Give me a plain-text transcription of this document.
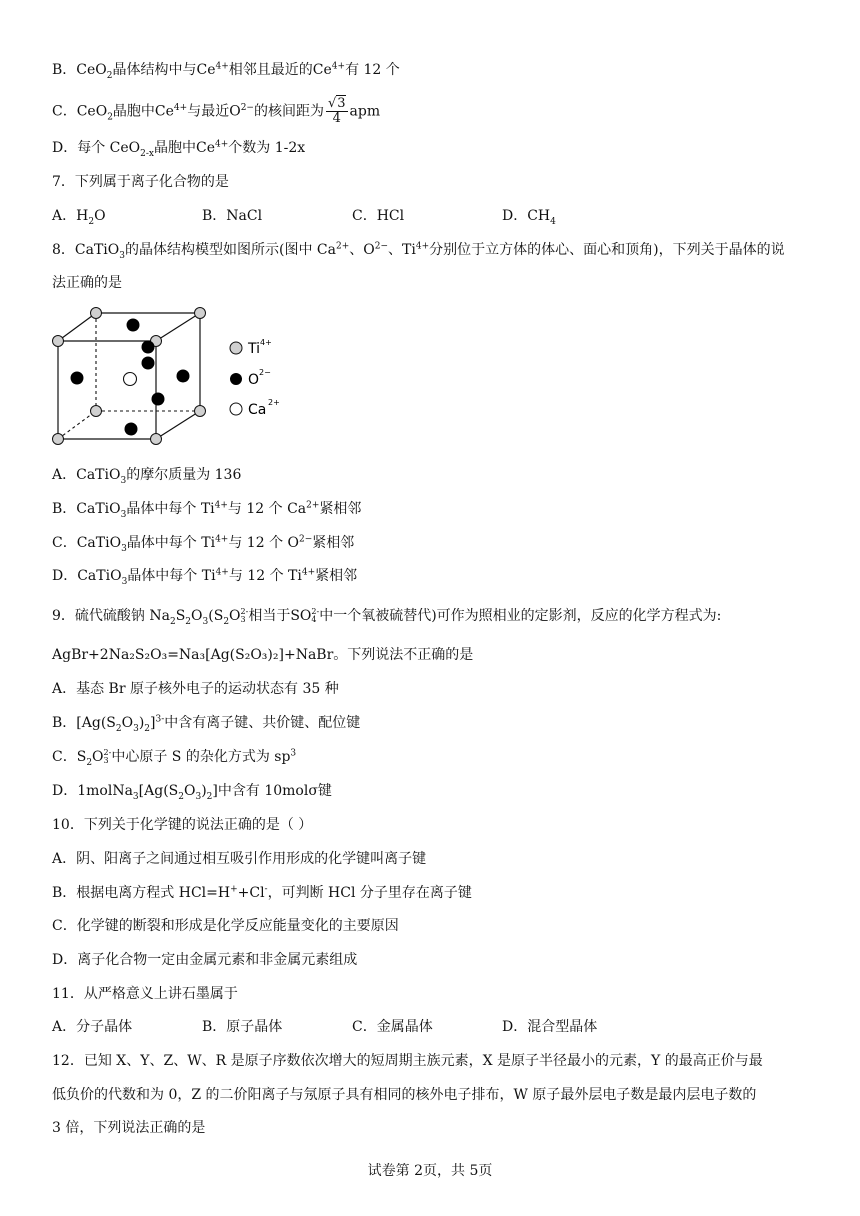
B．CeO$_2$晶体结构中与$Ce^{4+}$相邻且最近的$Ce^{4+}$有 12 个
C．CeO$_2$晶胞中$Ce^{4+}$与最近$O^{2-}$的核间距为 $\frac{√3}{4}$ apm
D．每个 CeO$_{2-x}$晶胞中$Ce^{4+}$个数为 1-2x
7．下列属于离子化合物的是
A．$H_2O$	B．NaCl	C．HCl	D．$CH_4$
8．CaTiO$_3$的晶体结构模型如图所示(图中 $Ca^{2+}$、$O^{2-}$、$Ti^{4+}$分别位于立方体的体心、面心和顶角)，下列关于晶体的说
法正确的是
Ti 4+
O 2−
Ca 2+
A．CaTiO$_3$的摩尔质量为 136
B．CaTiO$_3$晶体中每个 $Ti^{4+}$与 12 个 $Ca^{2+}$紧相邻
C．CaTiO$_3$晶体中每个 $Ti^{4+}$与 12 个 $O^{2-}$紧相邻
D．CaTiO$_3$晶体中每个 $Ti^{4+}$与 12 个 $Ti^{4+}$紧相邻
9．硫代硫酸钠 $Na_2S_2O_3(S_2O$ 2-
3 相当于SO 2-
4 中一个氧被硫替代)可作为照相业的定影剂，反应的化学方程式为:
AgBr+2Na₂S₂O₃=Na₃[Ag(S₂O₃)₂]+NaBr。下列说法不正确的是
A．基态 Br 原子核外电子的运动状态有 35 种
B．$[Ag(S_2O_3)_2]^{3-}$中含有离子键、共价键、配位键
C．$S_2O$ 2-
3 中心原子 S 的杂化方式为 $sp^3$
D．$1molNa_3[Ag(S_2O_3)_2]$中含有 10molσ键
10．下列关于化学键的说法正确的是（ ）
A．阴、阳离子之间通过相互吸引作用形成的化学键叫离子键
B．根据电离方程式 HCl=H++Cl-，可判断 HCl 分子里存在离子键
C．化学键的断裂和形成是化学反应能量变化的主要原因
D．离子化合物一定由金属元素和非金属元素组成
11．从严格意义上讲石墨属于
A．分子晶体	B．原子晶体	C．金属晶体	D．混合型晶体
12．已知 X、Y、Z、W、R 是原子序数依次增大的短周期主族元素，X 是原子半径最小的元素，Y 的最高正价与最
低负价的代数和为 0，Z 的二价阳离子与氖原子具有相同的核外电子排布，W 原子最外层电子数是最内层电子数的
3 倍，下列说法正确的是
试卷第 2页，共 5页
